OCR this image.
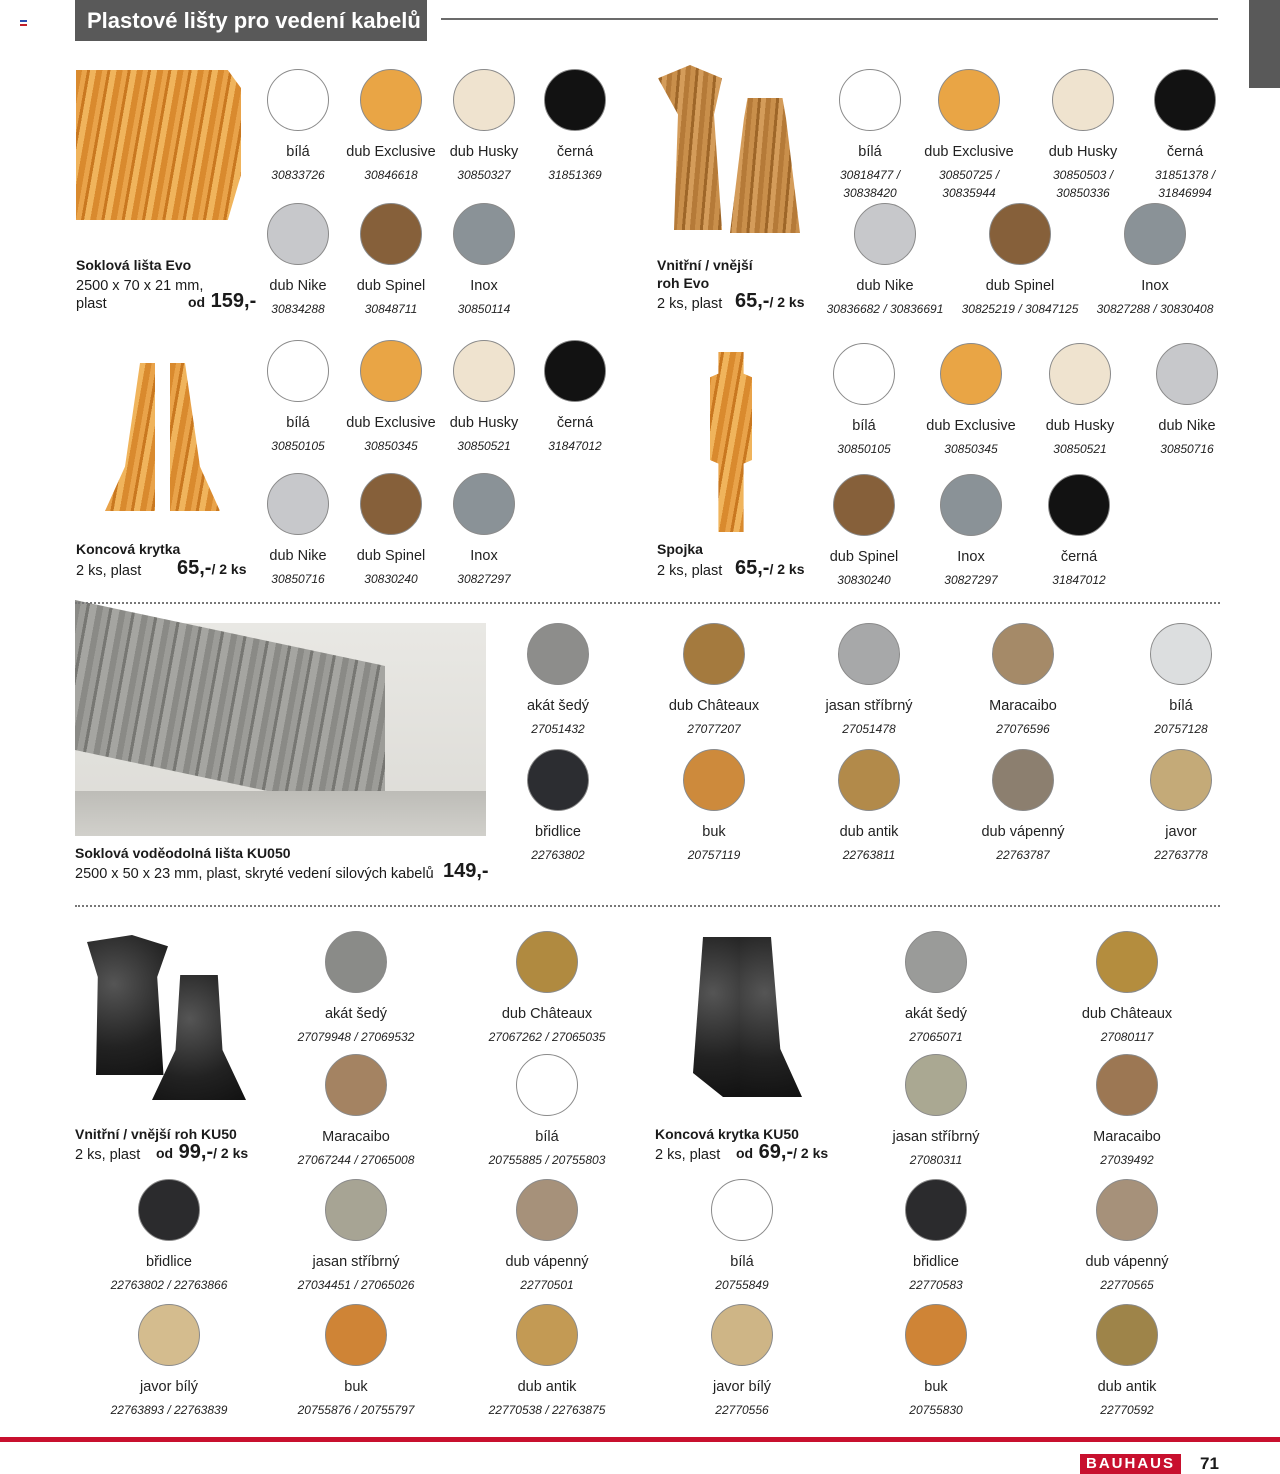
Plastové lišty pro vedení kabelů
Soklová lišta Evo
2500 x 70 x 21 mm,
plast	od 159,-
Vnitřní / vnější
roh Evo
2 ks, plast 65,-/ 2 ks
Koncová krytka
2 ks, plast 65,-/ 2 ks
Spojka
2 ks, plast 65,-/ 2 ks
Soklová voděodolná lišta KU050
2500 x 50 x 23 mm, plast, skryté vedení silových kabelů 149,-
Vnitřní / vnější roh KU50
2 ks, plast od 99,-/ 2 ks
Koncová krytka KU50
2 ks, plast od 69,-/ 2 ks
bílá
30833726
dub Exclusive
30846618
dub Husky
30850327
černá
31851369
dub Nike
30834288
dub Spinel
30848711
Inox
30850114
bílá
30818477 /
30838420
dub Exclusive
30850725 /
30835944
dub Husky
30850503 /
30850336
černá
31851378 /
31846994
dub Nike
30836682 / 30836691
dub Spinel
30825219 / 30847125
Inox
30827288 / 30830408
bílá
30850105
dub Exclusive
30850345
dub Husky
30850521
černá
31847012
dub Nike
30850716
dub Spinel
30830240
Inox
30827297
bílá
30850105
dub Exclusive
30850345
dub Husky
30850521
dub Nike
30850716
dub Spinel
30830240
Inox
30827297
černá
31847012
akát šedý
27051432
dub Châteaux
27077207
jasan stříbrný
27051478
Maracaibo
27076596
bílá
20757128
břidlice
22763802
buk
20757119
dub antik
22763811
dub vápenný
22763787
javor
22763778
akát šedý
27079948 / 27069532
dub Châteaux
27067262 / 27065035
Maracaibo
27067244 / 27065008
bílá
20755885 / 20755803
břidlice
22763802 / 22763866
jasan stříbrný
27034451 / 27065026
dub vápenný
22770501
javor bílý
22763893 / 22763839
buk
20755876 / 20755797
dub antik
22770538 / 22763875
akát šedý
27065071
dub Châteaux
27080117
jasan stříbrný
27080311
Maracaibo
27039492
bílá
20755849
břidlice
22770583
dub vápenný
22770565
javor bílý
22770556
buk
20755830
dub antik
22770592
BAUHAUS	71
